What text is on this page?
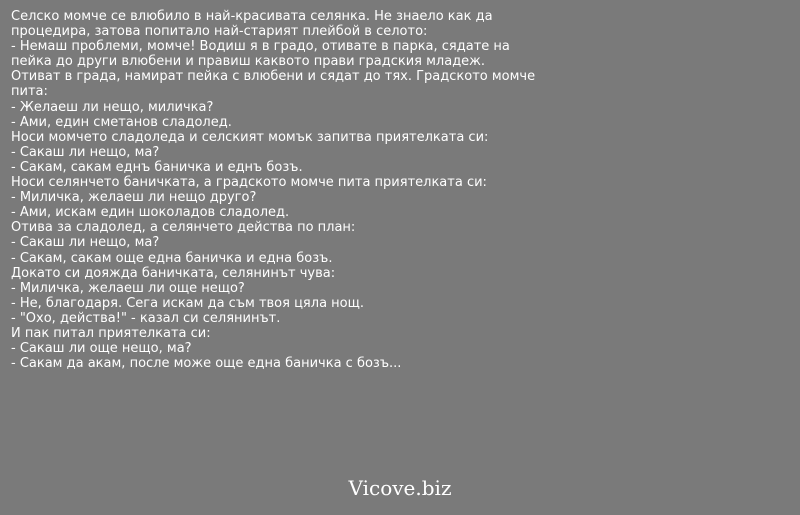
Селско момче се влюбило в най-красивата селянка. Не знаело как да
процедира, затова попитало най-старият плейбой в селото:
- Немаш проблеми, момче! Водиш я в градо, отивате в парка, сядате на
пейка до други влюбени и правиш каквото прави градския младеж.
Отиват в града, намират пейка с влюбени и сядат до тях. Градското момче
пита:
- Желаеш ли нещо, миличка?
- Ами, един сметанов сладолед.
Носи момчето сладоледа и селският момък запитва приятелката си:
- Сакаш ли нещо, ма?
- Сакам, сакам еднъ баничка и еднъ бозъ.
Носи селянчето баничката, а градското момче пита приятелката си:
- Миличка, желаеш ли нещо друго?
- Ами, искам един шоколадов сладолед.
Отива за сладолед, а селянчето действа по план:
- Сакаш ли нещо, ма?
- Сакам, сакам още една баничка и една бозъ.
Докато си дояжда баничката, селянинът чува:
- Миличка, желаеш ли още нещо?
- Не, благодаря. Сега искам да съм твоя цяла нощ.
- "Охо, действа!" - казал си селянинът.
И пак питал приятелката си:
- Сакаш ли още нещо, ма?
- Сакам да акам, после може още една баничка с бозъ...
Vicove.biz
